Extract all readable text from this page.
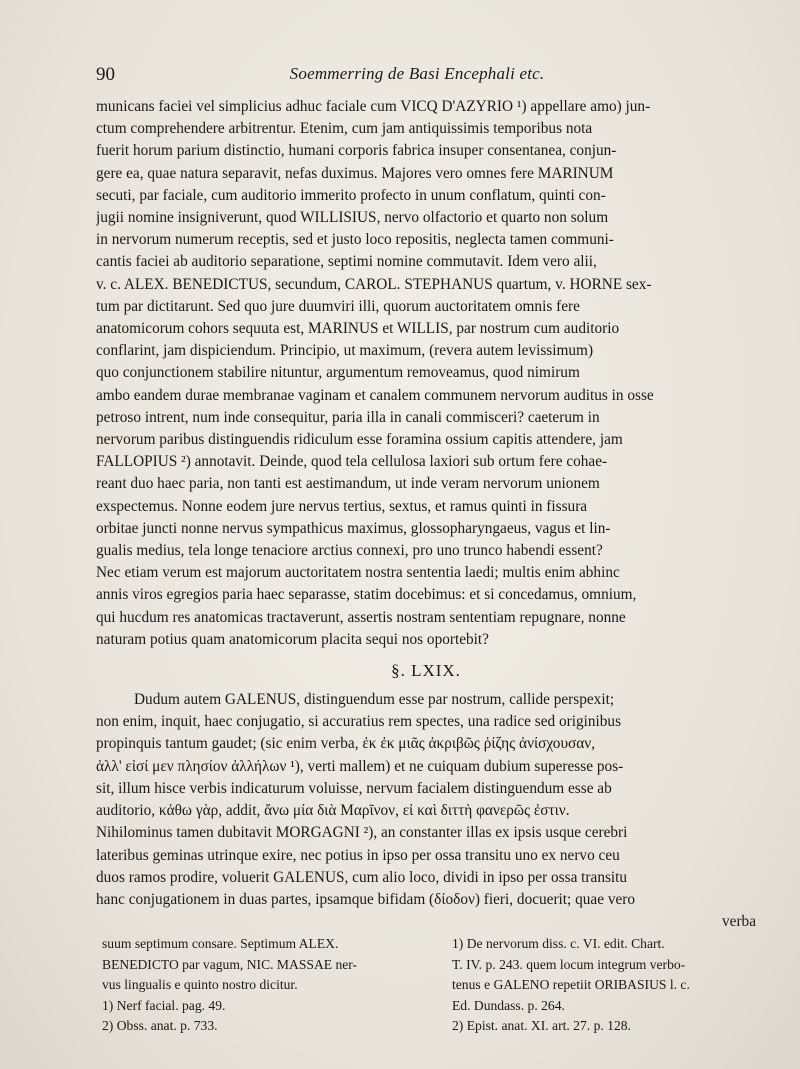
90	Soemmerring de Basi Encephali etc.

municans faciei vel simplicius adhuc faciale cum VICQ D'AZYRIO ¹) appellare amo) jun-
ctum comprehendere arbitrentur. Etenim, cum jam antiquissimis temporibus nota
fuerit horum parium distinctio, humani corporis fabrica insuper consentanea, conjun-
gere ea, quae natura separavit, nefas duximus. Majores vero omnes fere MARINUM
secuti, par faciale, cum auditorio immerito profecto in unum conflatum, quinti con-
jugii nomine insigniverunt, quod WILLISIUS, nervo olfactorio et quarto non solum
in nervorum numerum receptis, sed et justo loco repositis, neglecta tamen communi-
cantis faciei ab auditorio separatione, septimi nomine commutavit. Idem vero alii,
v. c. ALEX. BENEDICTUS, secundum, CAROL. STEPHANUS quartum, v. HORNE sex-
tum par dictitarunt. Sed quo jure duumviri illi, quorum auctoritatem omnis fere
anatomicorum cohors sequuta est, MARINUS et WILLIS, par nostrum cum auditorio
conflarint, jam dispiciendum. Principio, ut maximum, (revera autem levissimum)
quo conjunctionem stabilire nituntur, argumentum removeamus, quod nimirum
ambo eandem durae membranae vaginam et canalem communem nervorum auditus in osse
petroso intrent, num inde consequitur, paria illa in canali commisceri? caeterum in
nervorum paribus distinguendis ridiculum esse foramina ossium capitis attendere, jam
FALLOPIUS ²) annotavit. Deinde, quod tela cellulosa laxiori sub ortum fere cohae-
reant duo haec paria, non tanti est aestimandum, ut inde veram nervorum unionem
exspectemus. Nonne eodem jure nervus tertius, sextus, et ramus quinti in fissura
orbitae juncti nonne nervus sympathicus maximus, glossopharyngaeus, vagus et lin-
gualis medius, tela longe tenaciore arctius connexi, pro uno trunco habendi essent?
Nec etiam verum est majorum auctoritatem nostra sententia laedi; multis enim abhinc
annis viros egregios paria haec separasse, statim docebimus: et si concedamus, omnium,
qui hucdum res anatomicas tractaverunt, assertis nostram sententiam repugnare, nonne
naturam potius quam anatomicorum placita sequi nos oportebit?

§. LXIX.

Dudum autem GALENUS, distinguendum esse par nostrum, callide perspexit;
non enim, inquit, haec conjugatio, si accuratius rem spectes, una radice sed originibus
propinquis tantum gaudet; (sic enim verba, ἐκ ἐκ μιᾶς ἀκριβῶς ῥίζης ἀνίσχουσαν,
ἀλλ' εἰσί μεν πλησίον ἀλλήλων ¹), verti mallem) et ne cuiquam dubium superesse pos-
sit, illum hisce verbis indicaturum voluisse, nervum facialem distinguendum esse ab
auditorio, κἀθω γὰρ, addit, ἄνω μία διὰ Μαρῖνον, εἰ καὶ διττὴ φανερῶς ἐστιν.
Nihilominus tamen dubitavit MORGAGNI ²), an constanter illas ex ipsis usque cerebri
lateribus geminas utrinque exire, nec potius in ipso per ossa transitu uno ex nervo ceu
duos ramos prodire, voluerit GALENUS, cum alio loco, dividi in ipso per ossa transitu
hanc conjugationem in duas partes, ipsamque bifidam (δίοδον) fieri, docuerit; quae vero
verba

suum septimum consare. Septimum ALEX.
BENEDICTO par vagum, NIC. MASSAE ner-
vus lingualis e quinto nostro dicitur.
1) Nerf facial. pag. 49.
2) Obss. anat. p. 733.
1) De nervorum diss. c. VI. edit. Chart.
T. IV. p. 243. quem locum integrum verbo-
tenus e GALENO repetiit ORIBASIUS l. c.
Ed. Dundass. p. 264.
2) Epist. anat. XI. art. 27. p. 128.
